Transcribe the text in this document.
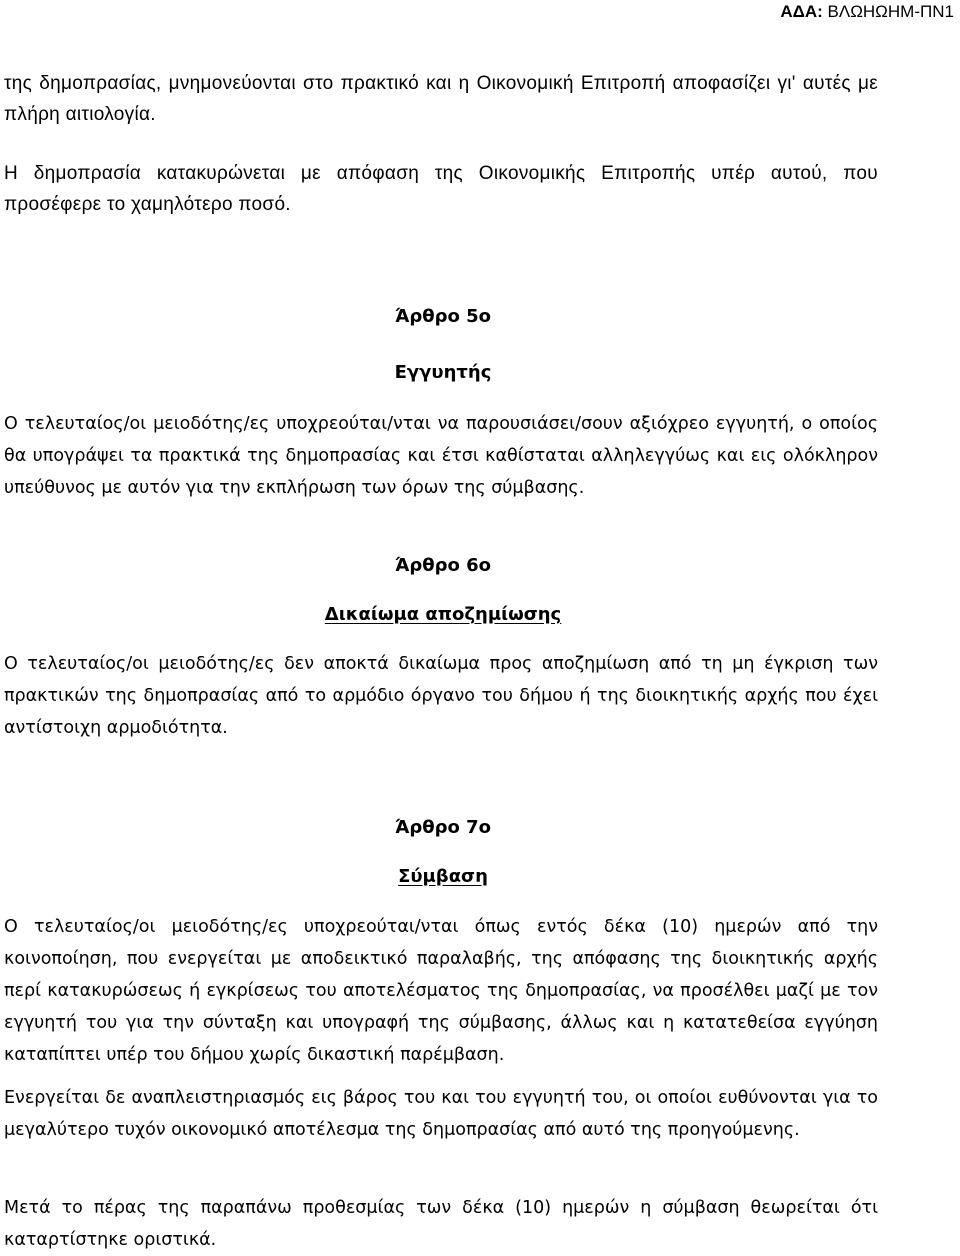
ΑΔΑ: ΒΛΩΗΩΗΜ-ΠΝ1

της δημοπρασίας, μνημονεύονται στο πρακτικό και η Οικονομική Επιτροπή αποφασίζει γι' αυτές με πλήρη αιτιολογία.

Η δημοπρασία κατακυρώνεται με απόφαση της Οικονομικής Επιτροπής υπέρ αυτού, που προσέφερε το χαμηλότερο ποσό.

Άρθρο 5ο
Εγγυητής

Ο τελευταίος/οι μειοδότης/ες υποχρεούται/νται να παρουσιάσει/σουν αξιόχρεο εγγυητή, ο οποίος θα υπογράψει τα πρακτικά της δημοπρασίας και έτσι καθίσταται αλληλεγγύως και εις ολόκληρον υπεύθυνος με αυτόν για την εκπλήρωση των όρων της σύμβασης.

Άρθρο 6ο
Δικαίωμα αποζημίωσης

Ο τελευταίος/οι μειοδότης/ες δεν αποκτά δικαίωμα προς αποζημίωση από τη μη έγκριση των πρακτικών της δημοπρασίας από το αρμόδιο όργανο του δήμου ή της διοικητικής αρχής που έχει αντίστοιχη αρμοδιότητα.

Άρθρο 7ο
Σύμβαση

Ο τελευταίος/οι μειοδότης/ες υποχρεούται/νται όπως εντός δέκα (10) ημερών από την κοινοποίηση, που ενεργείται με αποδεικτικό παραλαβής, της απόφασης της διοικητικής αρχής περί κατακυρώσεως ή εγκρίσεως του αποτελέσματος της δημοπρασίας, να προσέλθει μαζί με τον εγγυητή του για την σύνταξη και υπογραφή της σύμβασης, άλλως και η κατατεθείσα εγγύηση καταπίπτει υπέρ του δήμου χωρίς δικαστική παρέμβαση.

Ενεργείται δε αναπλειστηριασμός εις βάρος του και του εγγυητή του, οι οποίοι ευθύνονται για το μεγαλύτερο τυχόν οικονομικό αποτέλεσμα της δημοπρασίας από αυτό της προηγούμενης.

Μετά το πέρας της παραπάνω προθεσμίας των δέκα (10) ημερών η σύμβαση θεωρείται ότι καταρτίστηκε οριστικά.
